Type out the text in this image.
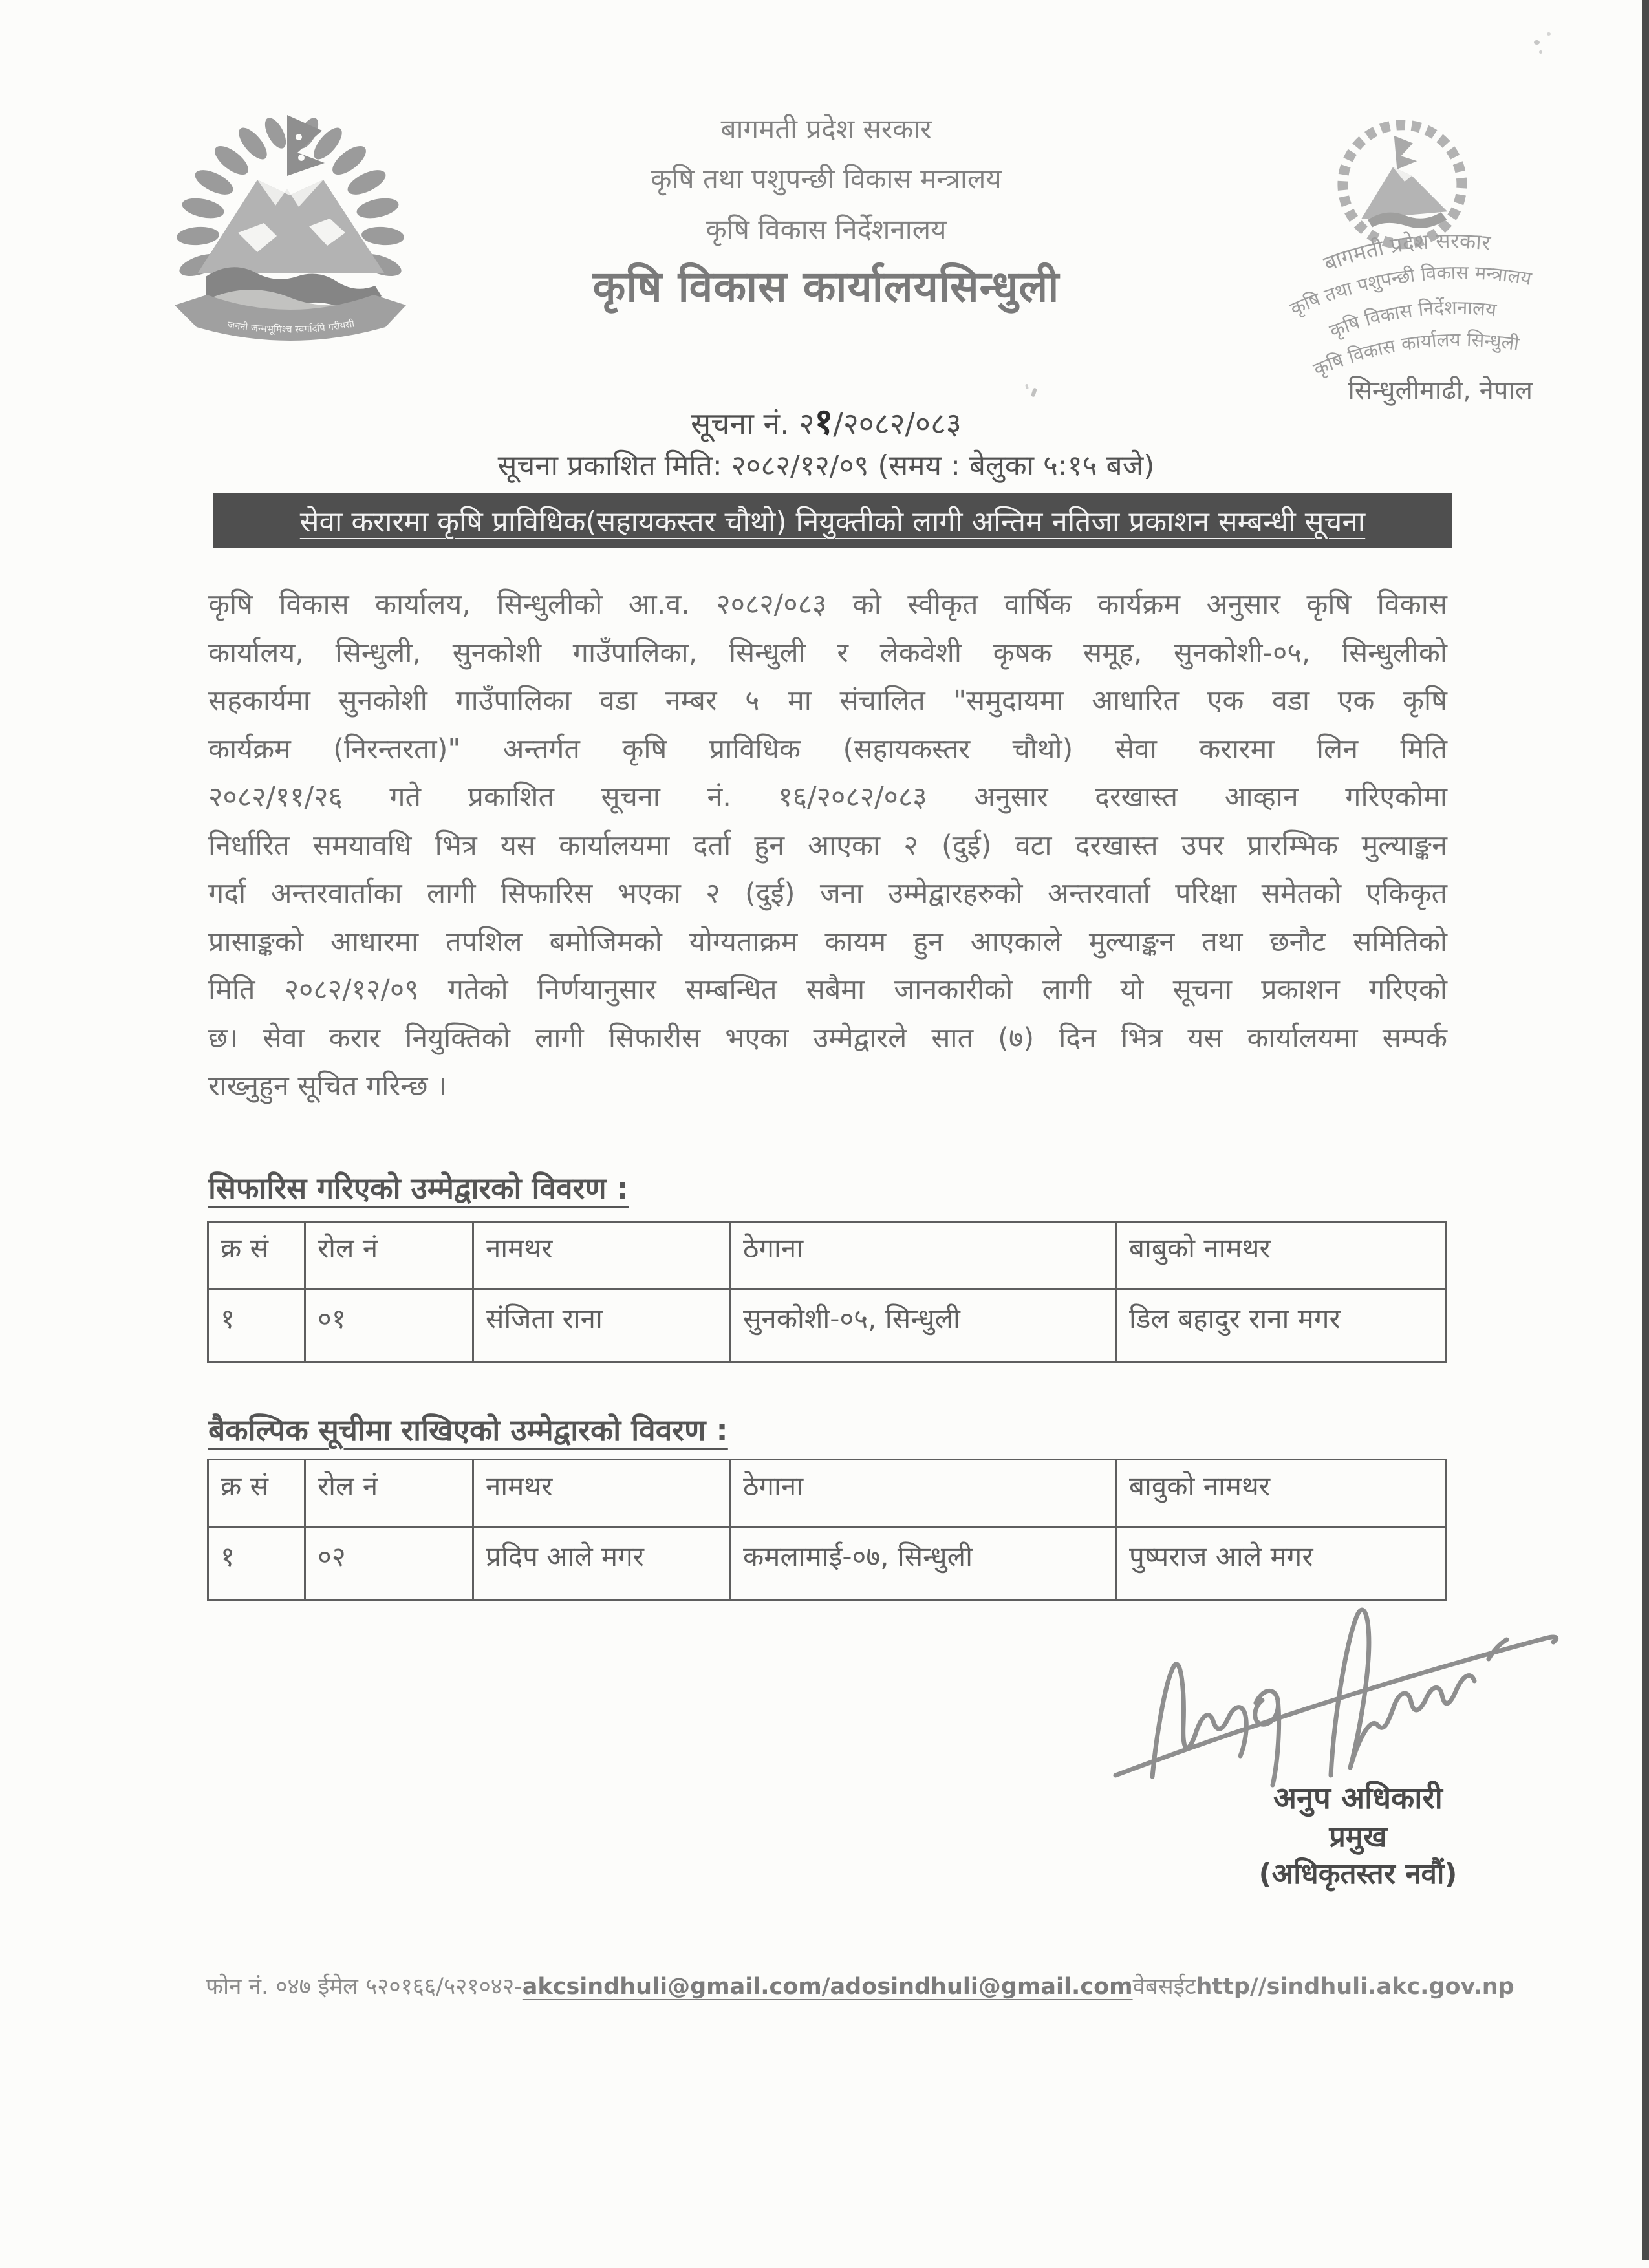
जननी जन्मभूमिश्च स्वर्गादपि गरीयसी
बागमती प्रदेश सरकार
कृषि तथा पशुपन्छी विकास मन्त्रालय
कृषि विकास निर्देशनालय
कृषि विकास कार्यालय सिन्धुली
बागमती प्रदेश सरकार
कृषि तथा पशुपन्छी विकास मन्त्रालय
कृषि विकास निर्देशनालय
कृषि विकास कार्यालयसिन्धुली
सिन्धुलीमाढी, नेपाल
सूचना नं. २१/२०८२/०८३
सूचना प्रकाशित मिति: २०८२/१२/०९ (समय : बेलुका ५:१५ बजे)
सेवा करारमा कृषि प्राविधिक(सहायकस्तर चौथो) नियुक्तीको लागी अन्तिम नतिजा प्रकाशन सम्बन्धी सूचना
कृषि विकास कार्यालय, सिन्धुलीको आ.व. २०८२/०८३ को स्वीकृत वार्षिक कार्यक्रम अनुसार कृषि विकास
कार्यालय, सिन्धुली, सुनकोशी गाउँपालिका, सिन्धुली र लेकवेशी कृषक समूह, सुनकोशी-०५, सिन्धुलीको
सहकार्यमा सुनकोशी गाउँपालिका वडा नम्बर ५ मा संचालित "समुदायमा आधारित एक वडा एक कृषि
कार्यक्रम (निरन्तरता)" अन्तर्गत कृषि प्राविधिक (सहायकस्तर चौथो) सेवा करारमा लिन मिति
२०८२/११/२६ गते प्रकाशित सूचना नं. १६/२०८२/०८३ अनुसार दरखास्त आव्हान गरिएकोमा
निर्धारित समयावधि भित्र यस कार्यालयमा दर्ता हुन आएका २ (दुई) वटा दरखास्त उपर प्रारम्भिक मुल्याङ्कन
गर्दा अन्तरवार्ताका लागी सिफारिस भएका २ (दुई) जना उम्मेद्वारहरुको अन्तरवार्ता परिक्षा समेतको एकिकृत
प्रासाङ्कको आधारमा तपशिल बमोजिमको योग्यताक्रम कायम हुन आएकाले मुल्याङ्कन तथा छनौट समितिको
मिति २०८२/१२/०९ गतेको निर्णयानुसार सम्बन्धित सबैमा जानकारीको लागी यो सूचना प्रकाशन गरिएको
छ। सेवा करार नियुक्तिको लागी सिफारीस भएका उम्मेद्वारले सात (७) दिन भित्र यस कार्यालयमा सम्पर्क
राख्नुहुन सूचित गरिन्छ ।
सिफारिस गरिएको उम्मेद्वारको विवरण :
क्र सं	रोल नं	नामथर	ठेगाना	बाबुको नामथर
१	०१	संजिता राना	सुनकोशी-०५, सिन्धुली	डिल बहादुर राना मगर
बैकल्पिक सूचीमा राखिएको उम्मेद्वारको विवरण :
क्र सं	रोल नं	नामथर	ठेगाना	बावुको नामथर
१	०२	प्रदिप आले मगर	कमलामाई-०७, सिन्धुली	पुष्पराज आले मगर
अनुप अधिकारी
प्रमुख
(अधिकृतस्तर नवौं)
फोन नं. ०४७ ईमेल ५२०१६६/५२१०४२-akcsindhuli@gmail.com/adosindhuli@gmail.comवेबसईटhttp//sindhuli.akc.gov.np
